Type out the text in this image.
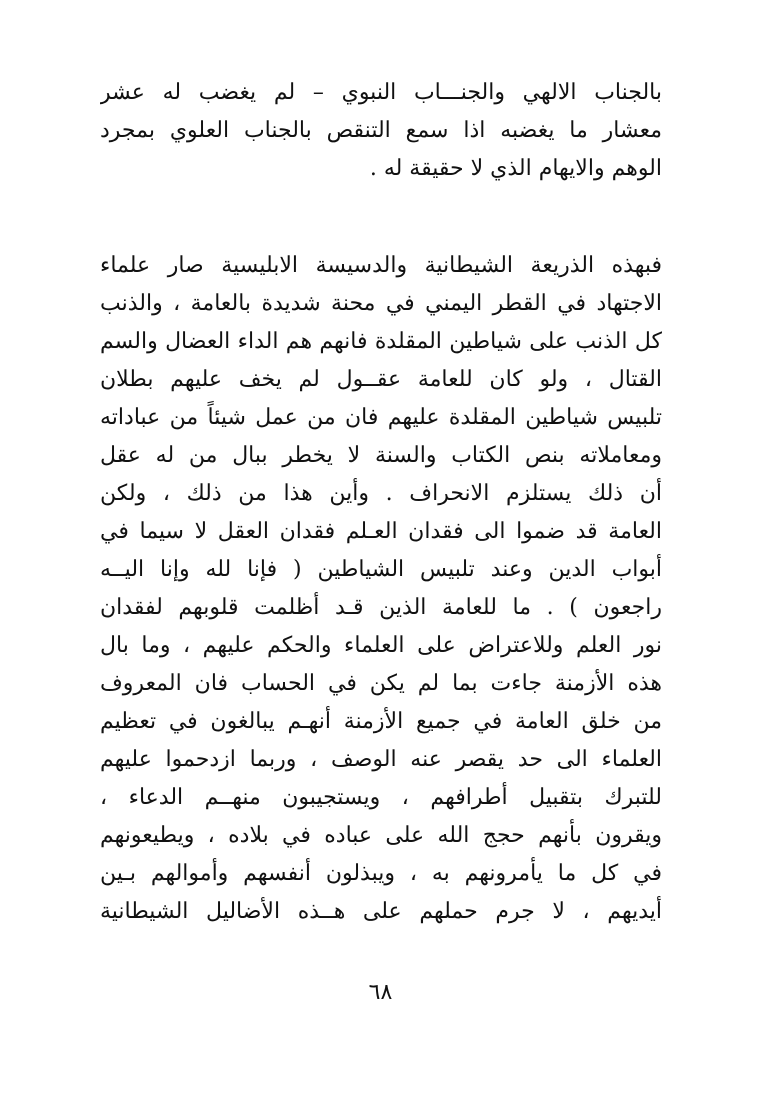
بالجناب الالهي والجنـــاب النبوي – لم يغضب له عشر
معشار ما يغضبه اذا سمع التنقص بالجناب العلوي بمجرد
الوهم والايهام الذي لا حقيقة له .
فبهذه الذريعة الشيطانية والدسيسة الابليسية صار علماء
الاجتهاد في القطر اليمني في محنة شديدة بالعامة ، والذنب
كل الذنب على شياطين المقلدة فانهم هم الداء العضال والسم
القتال ، ولو كان للعامة عقــول لم يخف عليهم بطلان
تلبيس شياطين المقلدة عليهم فان من عمل شيئاً من عباداته
ومعاملاته بنص الكتاب والسنة لا يخطر ببال من له عقل
أن ذلك يستلزم الانحراف . وأين هذا من ذلك ، ولكن
العامة قد ضموا الى فقدان العـلم فقدان العقل لا سيما في
أبواب الدين وعند تلبيس الشياطين ( فإنا لله وإنا اليــه
راجعون ) . ما للعامة الذين قـد أظلمت قلوبهم لفقدان
نور العلم وللاعتراض على العلماء والحكم عليهم ، وما بال
هذه الأزمنة جاءت بما لم يكن في الحساب فان المعروف
من خلق العامة في جميع الأزمنة أنهـم يبالغون في تعظيم
العلماء الى حد يقصر عنه الوصف ، وربما ازدحموا عليهم
للتبرك بتقبيل أطرافهم ، ويستجيبون منهــم الدعاء ،
ويقرون بأنهم حجج الله على عباده في بلاده ، ويطيعونهم
في كل ما يأمرونهم به ، ويبذلون أنفسهم وأموالهم بـين
أيديهم ، لا جرم حملهم على هــذه الأضاليل الشيطانية
٦٨
